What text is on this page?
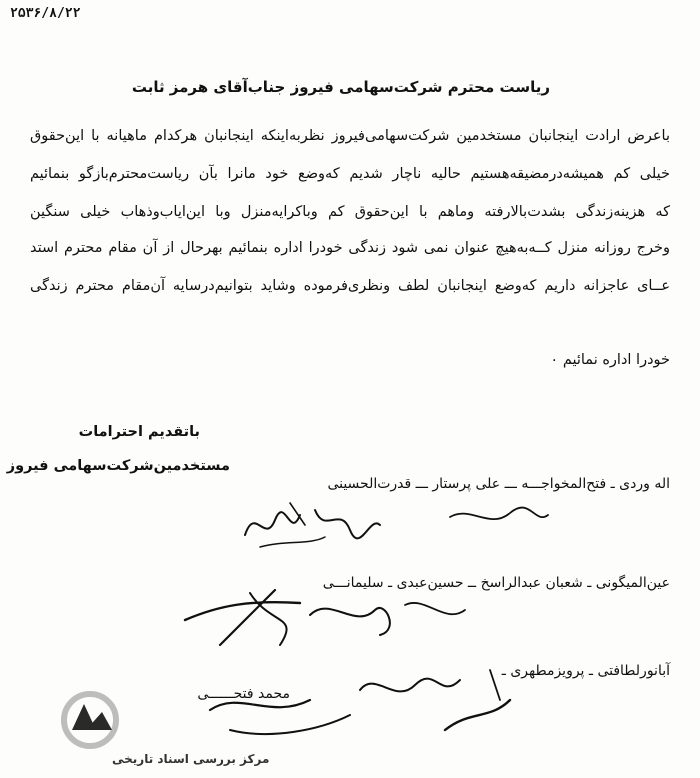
۲۵۳۶/۸/۲۲
ریاست محترم شرکت‌سهامی فیروز جناب‌آقای هرمز ثابت
باعرض ارادت اینجانبان مستخدمین شرکت‌سهامی‌فیروز نظربه‌اینکه اینجانبان هرکدام ماهیانه با این‌حقوق
خیلی کم همیشه‌درمضیقه‌هستیم حالیه ناچار شدیم که‌وضع خود مانرا بآن ریاست‌محترم‌بازگو بنمائیم
که هزینه‌زندگی بشدت‌بالارفته وماهم با این‌حقوق کم وبا‌کرایه‌منزل وبا این‌ایاب‌وذهاب خیلی سنگین
وخرج روزانه منزل کــه‌به‌هیچ عنوان نمی شود زندگی خودرا اداره بنمائیم بهرحال از آن مقام محترم استد
عــای عاجزانه داریم که‌وضع اینجانبان لطف ونظری‌فرموده وشاید بتوانیم‌درسایه آن‌مقام محترم زندگی
خودرا اداره نمائیم ۰
باتقدیم احترامات
مستخدمین‌شرکت‌سهامی فیروز
اله وردی ـ فتح‌المخواجـــه ـــ علی پرستار ـــ قدرت‌الحسینی
عین‌المیگونی ـ شعبان عبدالراسخ ــ حسین‌عبدی ـ سلیمانـــی
آبانورلطافتی ـ پرویزمطهری ـ
محمد فتحــــــی
مرکز بررسی اسناد تاریخی
